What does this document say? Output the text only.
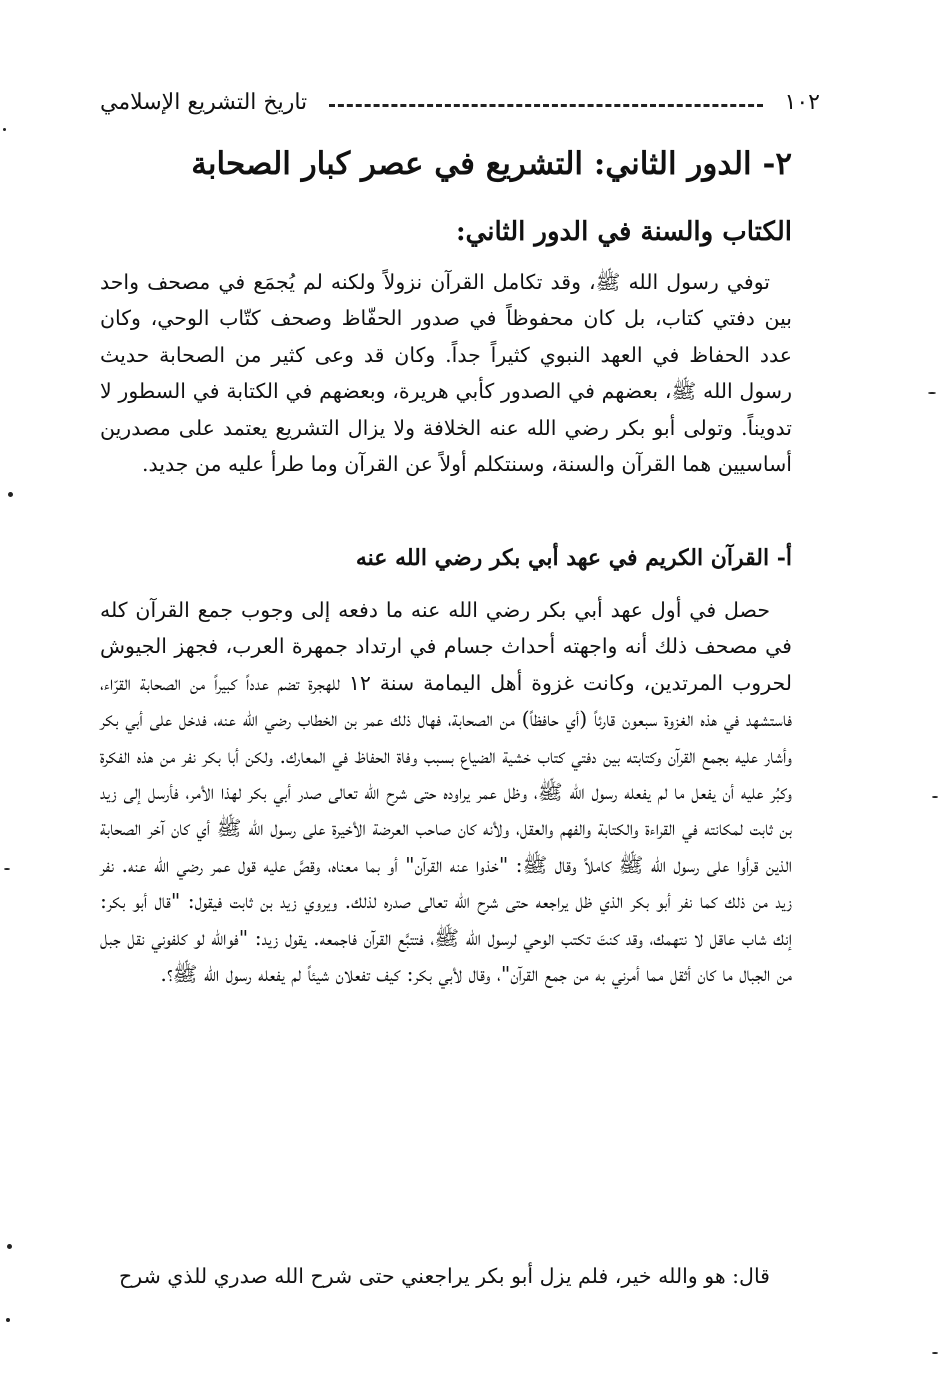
١٠٢
تاريخ التشريع الإسلامي
٢- الدور الثاني: التشريع في عصر كبار الصحابة
الكتاب والسنة في الدور الثاني:
توفي رسول الله ﷺ، وقد تكامل القرآن نزولاً ولكنه لم يُجمَع في مصحف واحد بين دفتي كتاب، بل كان محفوظاً في صدور الحفّاظ وصحف كتّاب الوحي، وكان عدد الحفاظ في العهد النبوي كثيراً جداً. وكان قد وعى كثير من الصحابة حديث رسول الله ﷺ، بعضهم في الصدور كأبي هريرة، وبعضهم في الكتابة في السطور لا تدويناً. وتولى أبو بكر رضي الله عنه الخلافة ولا يزال التشريع يعتمد على مصدرين أساسيين هما القرآن والسنة، وسنتكلم أولاً عن القرآن وما طرأ عليه من جديد.
أ- القرآن الكريم في عهد أبي بكر رضي الله عنه
حصل في أول عهد أبي بكر رضي الله عنه ما دفعه إلى وجوب جمع القرآن كله في مصحف ذلك أنه واجهته أحداث جسام في ارتداد جمهرة العرب، فجهز الجيوش لحروب المرتدين، وكانت غزوة أهل اليمامة سنة ١٢ للهجرة تضم عدداً كبيراً من الصحابة القرّاء، فاستشهد في هذه الغزوة سبعون قارئاً (أي حافظاً) من الصحابة، فهال ذلك عمر بن الخطاب رضي الله عنه، فدخل على أبي بكر وأشار عليه بجمع القرآن وكتابته بين دفتي كتاب خشية الضياع بسبب وفاة الحفاظ في المعارك. ولكن أبا بكر نفر من هذه الفكرة وكبُر عليه أن يفعل ما لم يفعله رسول الله ﷺ، وظل عمر يراوده حتى شرح الله تعالى صدر أبي بكر لهذا الأمر، فأرسل إلى زيد بن ثابت لمكانته في القراءة والكتابة والفهم والعقل، ولأنه كان صاحب العرضة الأخيرة على رسول الله ﷺ أي كان آخر الصحابة الذين قرأوا على رسول الله ﷺ كاملاً وقال ﷺ: "خذوا عنه القرآن" أو بما معناه، وقصَّ عليه قول عمر رضي الله عنه. نفر زيد من ذلك كما نفر أبو بكر الذي ظل يراجعه حتى شرح الله تعالى صدره لذلك. ويروي زيد بن ثابت فيقول: "قال أبو بكر: إنك شاب عاقل لا نتهمك، وقد كنتَ تكتب الوحي لرسول الله ﷺ، فتتبَّع القرآن فاجمعه. يقول زيد: "فوالله لو كلفوني نقل جبل من الجبال ما كان أثقل مما أمرني به من جمع القرآن"، وقال لأبي بكر: كيف تفعلان شيئاً لم يفعله رسول الله ﷺ؟.
قال: هو والله خير، فلم يزل أبو بكر يراجعني حتى شرح الله صدري للذي شرح
